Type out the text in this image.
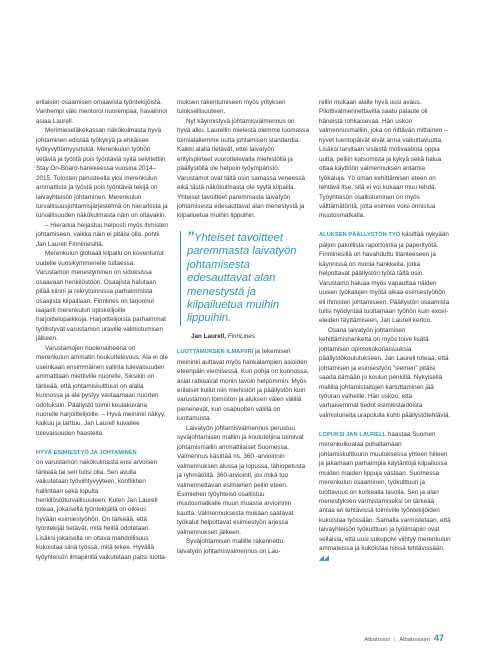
erilaisen osaamisen omaavista työntekijöistä. Vanhempi väki mentoroi nuorempaa, havainnoi asiaa Laurell.

Merimieseläkekassan näkökulmasta hyvä johtaminen edistää työkykyä ja ehkäisee työkyvyttömyysriskiä. Merenkulun työhön vetäviä ja työstä pois työntäviä syitä selvitettiin Stay On-Board-hankkeessa vuosina 2014–2015. Tulosten perusteella yksi merenkulun ammattista ja työstä pois työntäviä tekijä on laivayhteisön johtaminen. Merenkulun turvallisuusjohtamisjärjestelmä on hierarkista ja turvallisuuden näkökulmasta näin on oltavakin.

– Hierarkia heijastuu helposti myös ihmisten johtamiseen, vaikka näin ei pitäisi olla, pohtii Jan Laurell Finnlinesiltä.

Merenkulun globaali kilpailu on koventunut uudelle vuosikymmenelle tultaessa. Varustamon menestyminen on sidoksissa osaavaan henkilöstöön. Osaajista halutaan pitää kiinni ja rekrytoinnissa parhaimmista osaajista kilpaillaan. Finnlines on tarjonnut laajasti merenkulun opiskelijoille harjoittelupaikkoja. Harjoittelijoista parhaimmat työllistyvät varustamon uraville valmistumisen jälkeen.

Varustamojen huolenaiheena on merenkulun ammatin houkuttelevuus. Ala ei ole useinkaan ensimmäinen valinta tulevaisuuden ammattiaan miettiville nuorelle. Siksikin on tärkeää, että johtamiskulttuuri on alalla kunnossa ja ala pystyy vastaamaan nuorten odotuksiin. Päällystö toimii keulakuvana nuorelle harjoittelijoille. – Hyvä meininki näkyy, kaikuu ja tarttuu, Jan Laurell kuvailee tulevaisuuden haasteita.

HYVÄ ESIMIESTYÖ JA JOHTAMINEN
on varustamon näkökulmasta ensi arvoisen tärkeää tai sen tulisi olla. Sen avulla vaikutetaan työviihtyvyyteen, konfliktien hallintaan sekä lopulta henkilöstöturvallisuuteen. Kuten Jan Laurell toteaa, jokaisella työntekijällä on oikeus hyvään esimiestyöhön. On tärkeää, että työntekijät tietävät, mitä heiltä odotetaan. Lisäksi jokaisella on oltava mahdollisuus kukoistaa siinä työssä, mitä tekee. Hyvällä työyhteisön ilmapiirillä vaikutetaan paitsi luotta-

muksen rakentumiseen myös yrityksen tuloksellisuuteen.

Nyt käynnistyvä johtamisvalmennus on hyvä alku. Laurellin mielestä olemme luomassa toimialallemme uutta johtamisen standardia. Kaikki alalla tietävät, ettei laivatyön erityispiirteet vuorottelevalla miehistöllä ja päällystöllä ole helpoin työympäristö. Varustamot ovat tältä osin samassa veneessä eikä tästä näkökulmasta ole syytä kilpailla. Yhteiset tavoitteet paremmasta laivatyön johtamisesta edesauttavat alan menestystä ja kilpailuetua muihin lippuihin.

”Yhteiset tavoitteet paremmasta laivatyön johtamisesta edesauttavat alan menestystä ja kilpailuetua muihin lippuihin.

Jan Laurell, FinnLines

LUOTTAMUKSEN ILMAPIIRI ja tekemisen meininki auttavat myös hankalampien asioiden eteenpäin viemisessä. Kun pohja on kunnossa, asiat ratkeavat monin tavoin helpommin. Myös erilaiset kuilut niin miehistön ja päällystön kuin varustamon toimiston ja aluksen välen välillä pienenevät, kun osapuolten välillä on luottamusta.

Laivatyön johtamisvalmennus perustuu syväjohtamisen malliin ja koulutetjina toimivat johtamismallin ammattilaiset Suomessa. Valmennus käsittää ns. 360 -arvioinnin valmennuksen alussa ja lopussa, lähiopetusta ja ryhmätöitä. 360-arviointi, jos mikä tuo valmennettavan esimiehen peilin eteen. Esimiehen työyhteisö osallistuu muutosmatkalle muun muassa arvioinnin kautta. Valmennuksesta mukaan saatavat työkalut helpottavat esimiestyön arjessa valmennuksen jälkeen.

Syväjohtamisen mallille rakennettu laivatyön johtamisvalmennus on Lau-

rellin mukaan alalle hyvä uusi avaus. Pilottivalmennettavilta saatu palaute oli häneistä rohkaisevaa. Hän uskoo valmennusmalliin, joka on riittävän mittainen – hyvet luentopäivät eivät anna vaikuttavuutta. Lisäksi tarvitaan sisäistä motivaatiota oppia uutta, peiliin katsomista ja kykyä sekä halua ottaa käyttöön valmennuksen antamia työkaluja. Yö oman kehittämisen eteen on tehtävä itse, sitä ei voi kukaan muu tehdä. Työyhteisön osallistuminen on myös välttämätöntä, jotta esimies voisi onnistua muutosmatkalla.

ALUKSEN PÄÄLLYSTÖN TYÖ käsittää nykyään paljon pakollista raportointia ja paperityötä. Finnlinesillä on havahduttu tilanteeseen ja käynnissä on monia hankkeita, jotka helpottavat päällystön työtä tältä osin. Varustamo haluaa myös vapauttaa näiden uusien työkalujen myötä aikaa esimiestyöhön eli ihmisten johtamiseen. Päällystön osaamista tulisi hyödyntää tuottamaan työhön kuin excel-eleiden täyttämiseen, Jan Laurell kertoo.

Osana laivatyön johtamisen kehittämishanketta on myös toive lisätä johtamisen opintokokonaisuuksia päällystökoulutukseen. Jan Laurell toteaa, että johtamisen ja esimiestyön "siemen" pitäisi saada itämään jo koulun penkillä. Nykyisellä mallilla johtamistaitojen kartuttaminen jää työuran vaiheille. Hän uskoo, että varhaisemmat tiedot esimiestaidoista valmistuneita urapolulla kohti päällystötehtäviä.

LOPUKSI JAN LAURELL haastaa Suomen merenkulkualaa puhaltamaan johtamiskulttuurin muutoksessa yhteen hiileen ja jakamaan parhaimpia käytäntöjä kilpailussa muiden maiden lippuja vastaan. Suomessa merenkulun osaaminen, työkulttuuri ja tuottavuus on korkealla tasolla. Sen ja alan menestyksen varmistamiseksi on tärkeää antaa eri tehtävissä toimiville työntekijöiden kukoistaa työssään. Samalla varmistetaan, että laivayhteisön työkulttuuri ja työilmapiiri ovat sellaisia, että uusi sukupolvi viihtyy merenkulun ammateissa ja kukoistaa niissä tehtävissään. ◢◢

Albatrossi | Albatrossen 47
